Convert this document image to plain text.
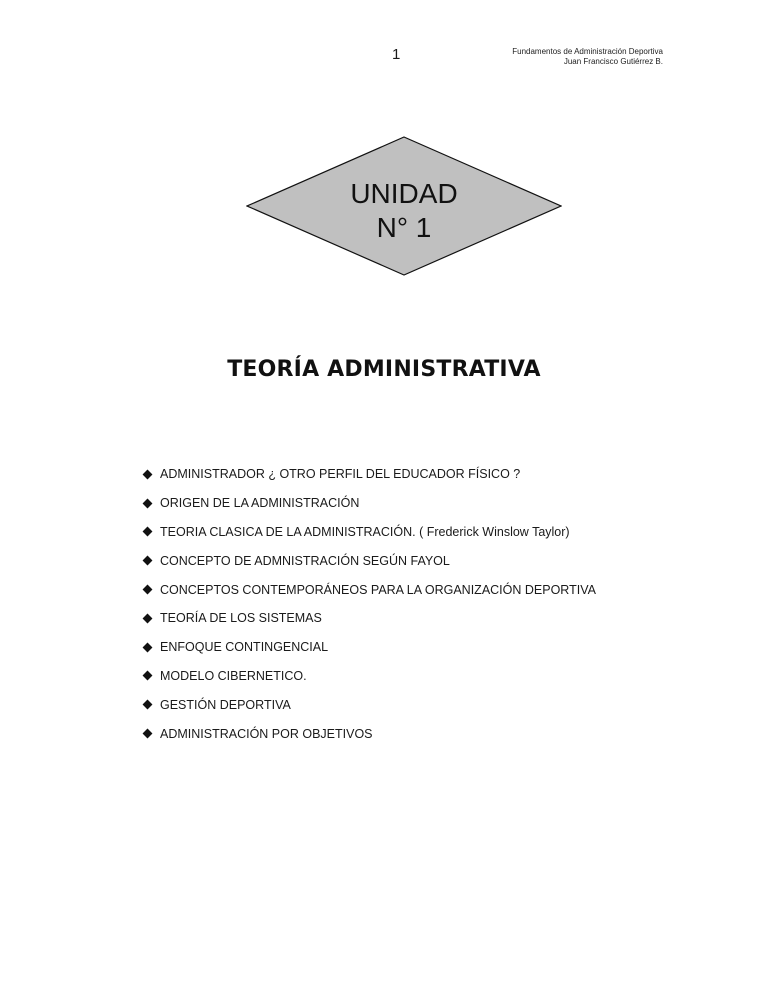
1	Fundamentos de Administración Deportiva
Juan Francisco Gutiérrez B.
UNIDAD
N° 1
TEORÍA ADMINISTRATIVA
ADMINISTRADOR ¿ OTRO PERFIL DEL EDUCADOR FÍSICO ?
ORIGEN DE LA ADMINISTRACIÓN
TEORIA CLASICA DE LA ADMINISTRACIÓN. ( Frederick Winslow Taylor)
CONCEPTO DE ADMNISTRACIÓN SEGÚN FAYOL
CONCEPTOS CONTEMPORÁNEOS PARA LA ORGANIZACIÓN DEPORTIVA
TEORÍA DE LOS SISTEMAS
ENFOQUE CONTINGENCIAL
MODELO CIBERNETICO.
GESTIÓN DEPORTIVA
ADMINISTRACIÓN POR OBJETIVOS
